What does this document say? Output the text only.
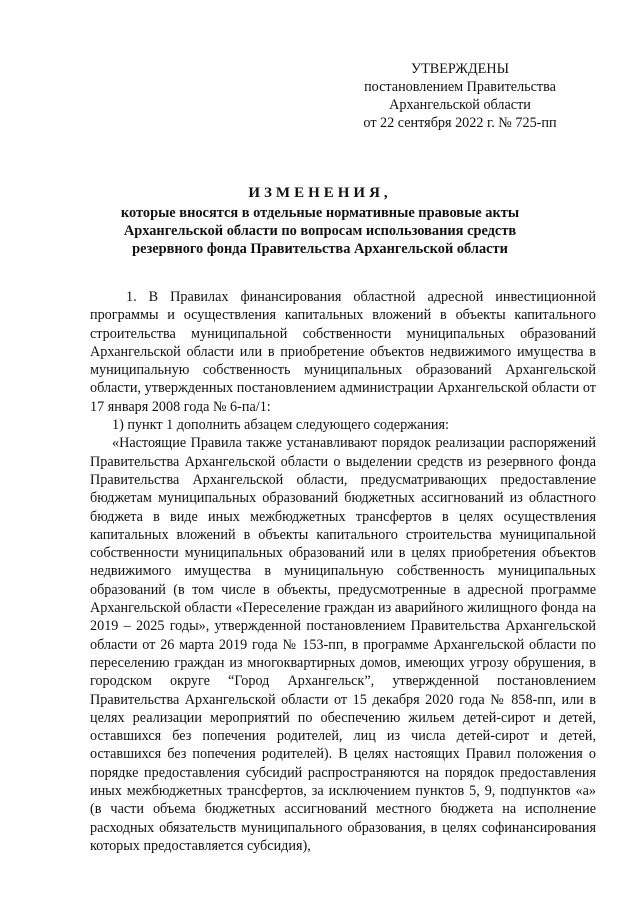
УТВЕРЖДЕНЫ
постановлением Правительства
Архангельской области
от 22 сентября 2022 г. № 725-пп
ИЗМЕНЕНИЯ,
которые вносятся в отдельные нормативные правовые акты
Архангельской области по вопросам использования средств
резервного фонда Правительства Архангельской области

1. В Правилах финансирования областной адресной инвестиционной программы и осуществления капитальных вложений в объекты капитального строительства муниципальной собственности муниципальных образований Архангельской области или в приобретение объектов недвижимого имущества в муниципальную собственность муниципальных образований Архангельской области, утвержденных постановлением администрации Архангельской области от 17 января 2008 года № 6-па/1:

1) пункт 1 дополнить абзацем следующего содержания:

«Настоящие Правила также устанавливают порядок реализации распоряжений Правительства Архангельской области о выделении средств из резервного фонда Правительства Архангельской области, предусматривающих предоставление бюджетам муниципальных образований бюджетных ассигнований из областного бюджета в виде иных межбюджетных трансфертов в целях осуществления капитальных вложений в объекты капитального строительства муниципальной собственности муниципальных образований или в целях приобретения объектов недвижимого имущества в муниципальную собственность муниципальных образований (в том числе в объекты, предусмотренные в адресной программе Архангельской области «Переселение граждан из аварийного жилищного фонда на 2019 – 2025 годы», утвержденной постановлением Правительства Архангельской области от 26 марта 2019 года № 153-пп, в программе Архангельской области по переселению граждан из многоквартирных домов, имеющих угрозу обрушения, в городском округе “Город Архангельск”, утвержденной постановлением Правительства Архангельской области от 15 декабря 2020 года № 858-пп, или в целях реализации мероприятий по обеспечению жильем детей-сирот и детей, оставшихся без попечения родителей, лиц из числа детей-сирот и детей, оставшихся без попечения родителей). В целях настоящих Правил положения о порядке предоставления субсидий распространяются на порядок предоставления иных межбюджетных трансфертов, за исключением пунктов 5, 9, подпунктов «а» (в части объема бюджетных ассигнований местного бюджета на исполнение расходных обязательств муниципального образования, в целях софинансирования которых предоставляется субсидия),
